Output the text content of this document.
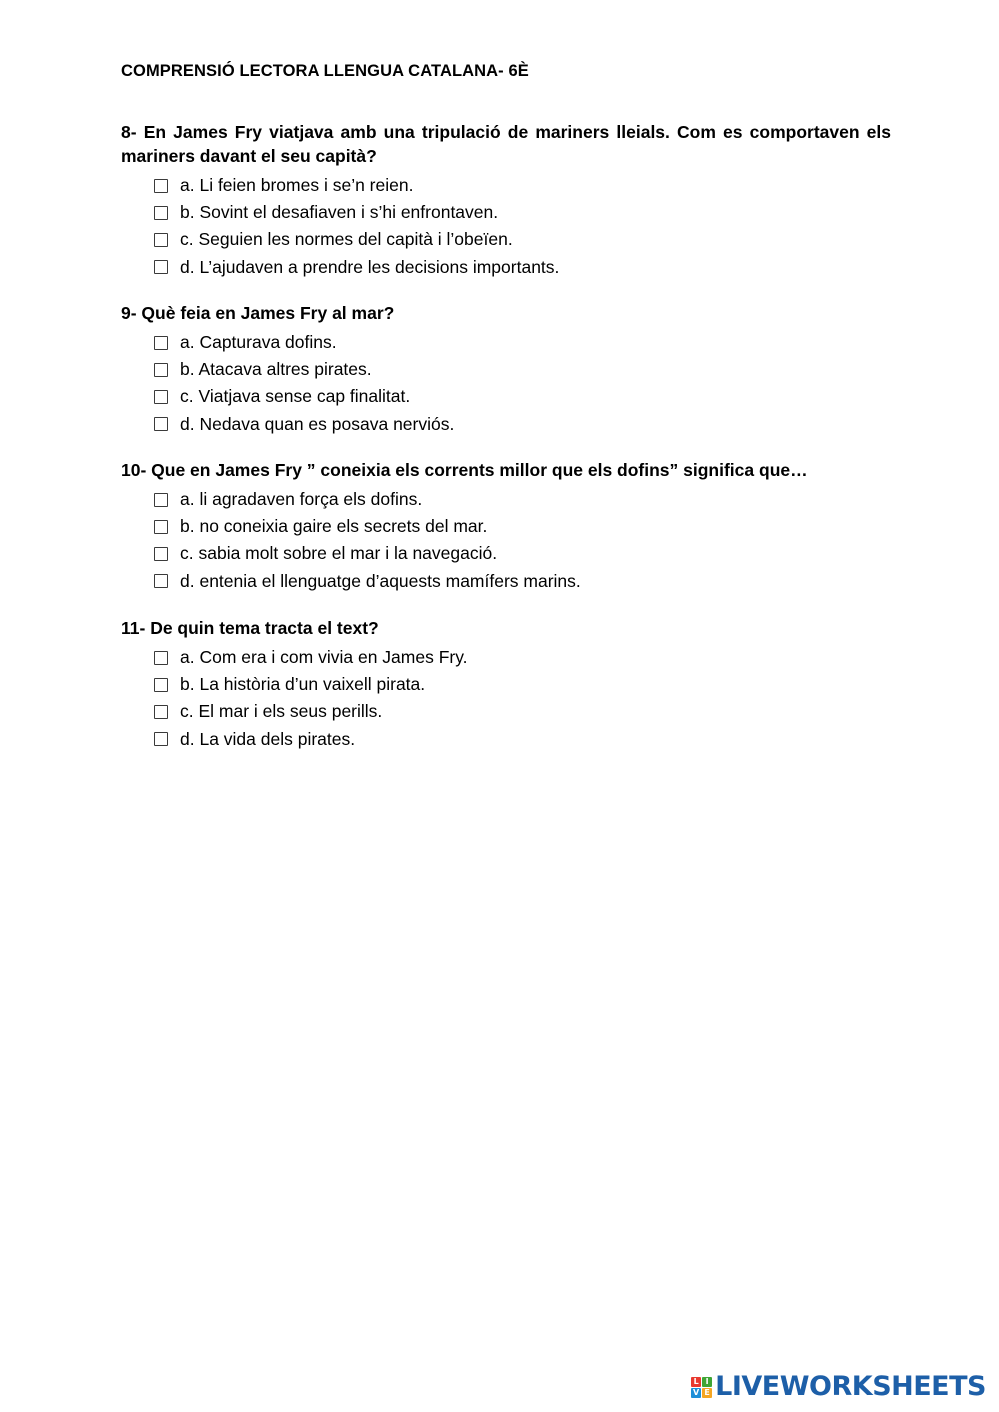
COMPRENSIÓ LECTORA LLENGUA CATALANA- 6È

8- En James Fry viatjava amb una tripulació de mariners lleials. Com es comportaven els mariners davant el seu capità?

a. Li feien bromes i se’n reien.
b. Sovint el desafiaven i s’hi enfrontaven.
c. Seguien les normes del capità i l’obeïen.
d. L’ajudaven a prendre les decisions importants.

9- Què feia en James Fry al mar?

a. Capturava dofins.
b. Atacava altres pirates.
c. Viatjava sense cap finalitat.
d. Nedava quan es posava nerviós.

10- Que en James Fry ” coneixia els corrents millor que els dofins” significa que…

a. li agradaven força els dofins.
b. no coneixia gaire els secrets del mar.
c. sabia molt sobre el mar i la navegació.
d. entenia el llenguatge d’aquests mamífers marins.

11- De quin tema tracta el text?

a. Com era i com vivia en James Fry.
b. La història d’un vaixell pirata.
c. El mar i els seus perills.
d. La vida dels pirates.
L I
V E LIVEWORKSHEETS
